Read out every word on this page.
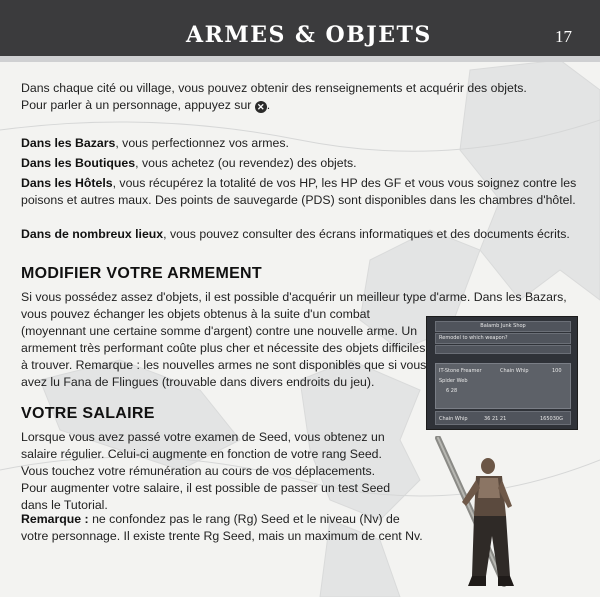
ARMES & OBJETS	17

Dans chaque cité ou village, vous pouvez obtenir des renseignements et acquérir des objets.

Pour parler à un personnage, appuyez sur ✕ .

Dans les Bazars, vous perfectionnez vos armes.

Dans les Boutiques, vous achetez (ou revendez) des objets.

Dans les Hôtels, vous récupérez la totalité de vos HP, les HP des GF et vous vous soignez contre les poisons et autres maux. Des points de sauvegarde (PDS) sont disponibles dans les chambres d'hôtel.

Dans de nombreux lieux, vous pouvez consulter des écrans informatiques et des documents écrits.

MODIFIER VOTRE ARMEMENT

Si vous possédez assez d'objets, il est possible d'acquérir un meilleur type d'arme. Dans les Bazars,

vous pouvez échanger les objets obtenus à la suite d'un combat

(moyennant une certaine somme d'argent) contre une nouvelle arme. Un

armement très performant coûte plus cher et nécessite des objets difficiles

à trouver. Remarque : les nouvelles armes ne sont disponibles que si vous

avez lu Fana de Flingues (trouvable dans divers endroits du jeu).

VOTRE SALAIRE

Lorsque vous avez passé votre examen de Seed, vous obtenez un

salaire régulier. Celui-ci augmente en fonction de votre rang Seed.

Vous touchez votre rémunération au cours de vos déplacements.

Pour augmenter votre salaire, il est possible de passer un test Seed

dans le Tutorial.

Remarque : ne confondez pas le rang (Rg) Seed et le niveau (Nv) de

votre personnage. Il existe trente Rg Seed, mais un maximum de cent Nv.

Balamb Junk Shop
Remodel to which weapon?
IT-Stone Freamer
Spider Web
6 28
Chain Whip	100
Chain Whip	36 21 21	165030G
